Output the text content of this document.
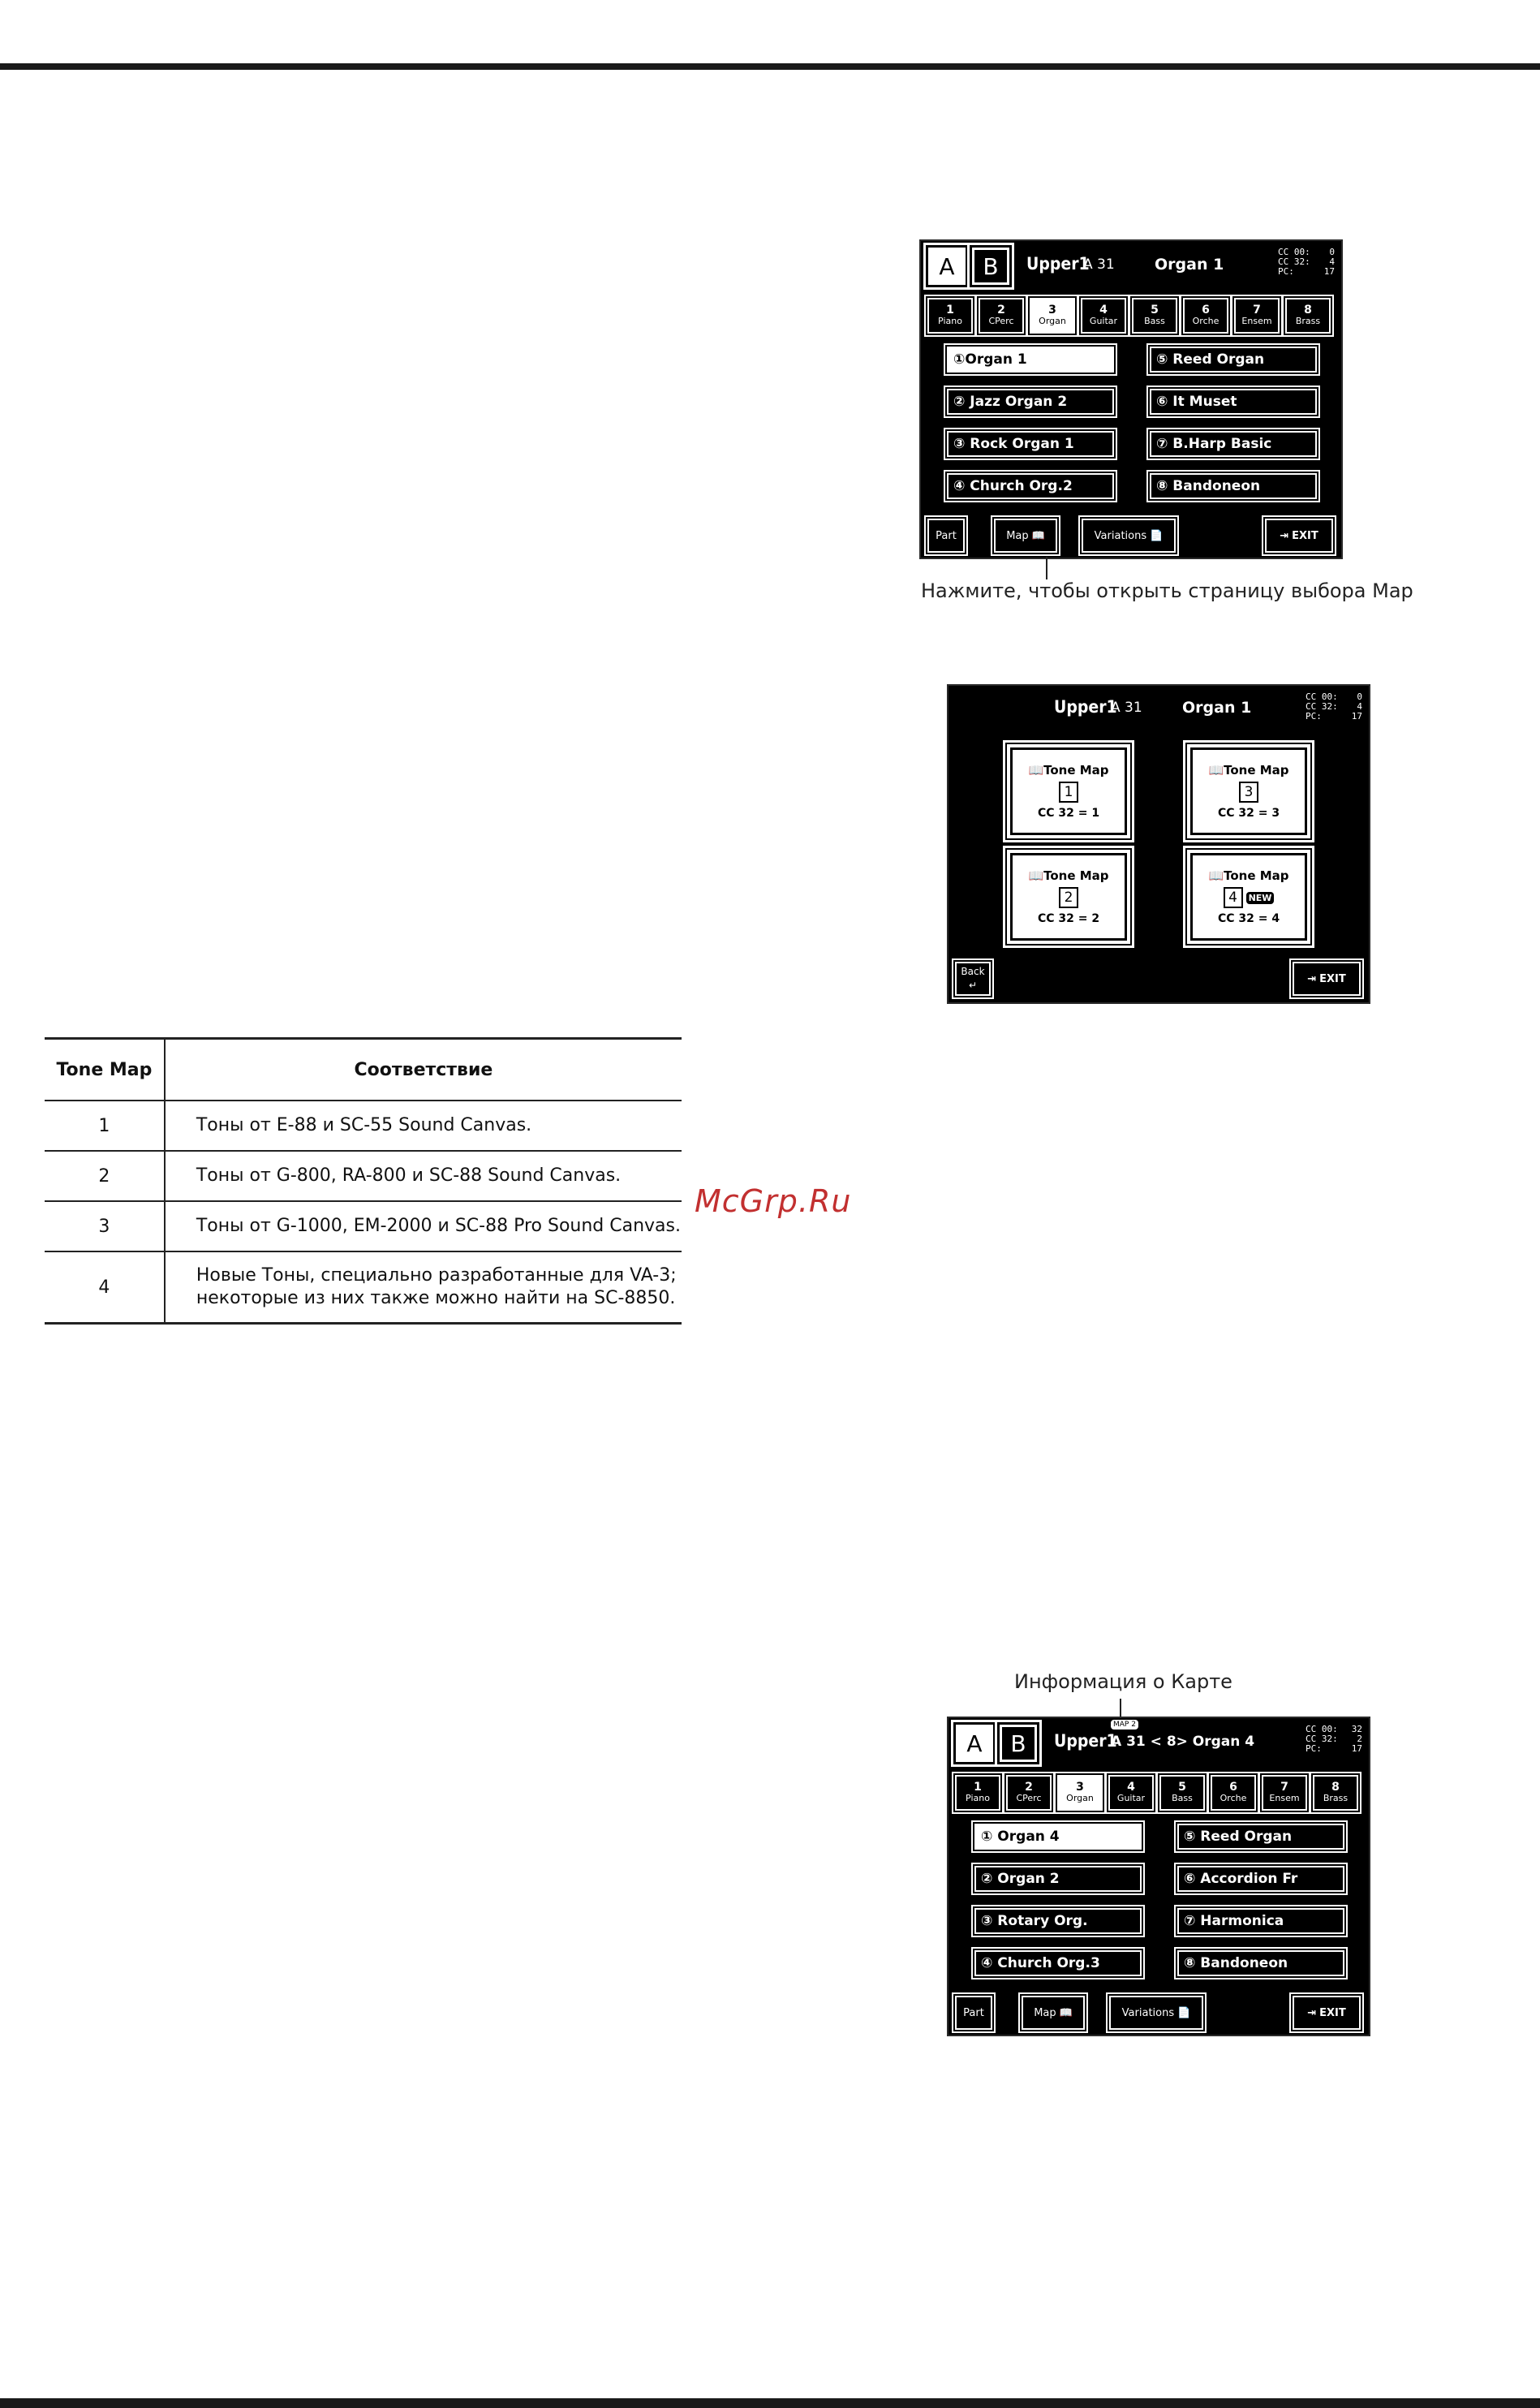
A	B	Upper1
A 31	Organ 1
CC 00: 0
CC 32: 4
PC:	17
1
Piano
2
CPerc
3
Organ
4
Guitar
5
Bass
6
Orche
7
Ensem
8
Brass
①Organ 1
② Jazz Organ 2
③ Rock Organ 1
④ Church Org.2
⑤ Reed Organ
⑥ It Muset
⑦ B.Harp Basic
⑧ Bandoneon
Part	Map 📖	Variations 📄	⇥ EXIT
Нажмите, чтобы открыть страницу выбора Map
Upper1
A 31	Organ 1
CC 00: 0
CC 32: 4
PC:	17
📖Tone Map
1
CC 32 = 1
📖Tone Map
3
CC 32 = 3
📖Tone Map
2
CC 32 = 2
📖Tone Map
4 NEW
CC 32 = 4
Back
↵
⇥ EXIT
Tone Map	Соответствие
1	Тоны от E-88 и SC-55 Sound Canvas.

2	Тоны от G-800, RA-800 и SC-88 Sound Canvas.

3	Тоны от G-1000, EM-2000 и SC-88 Pro Sound Canvas.

4	Новые Тоны, специально разработанные для VA-3;
некоторые из них также можно найти на SC-8850.
McGrp.Ru
Информация о Карте
A	B
MAP 2
Upper1
A 31 < 8> Organ 4
CC 00: 32
CC 32: 2
PC:	17
1
Piano
2
CPerc
3
Organ
4
Guitar
5
Bass
6
Orche
7
Ensem
8
Brass
① Organ 4
② Organ 2
③ Rotary Org.
④ Church Org.3
⑤ Reed Organ
⑥ Accordion Fr
⑦ Harmonica
⑧ Bandoneon
Part	Map 📖	Variations 📄	⇥ EXIT
